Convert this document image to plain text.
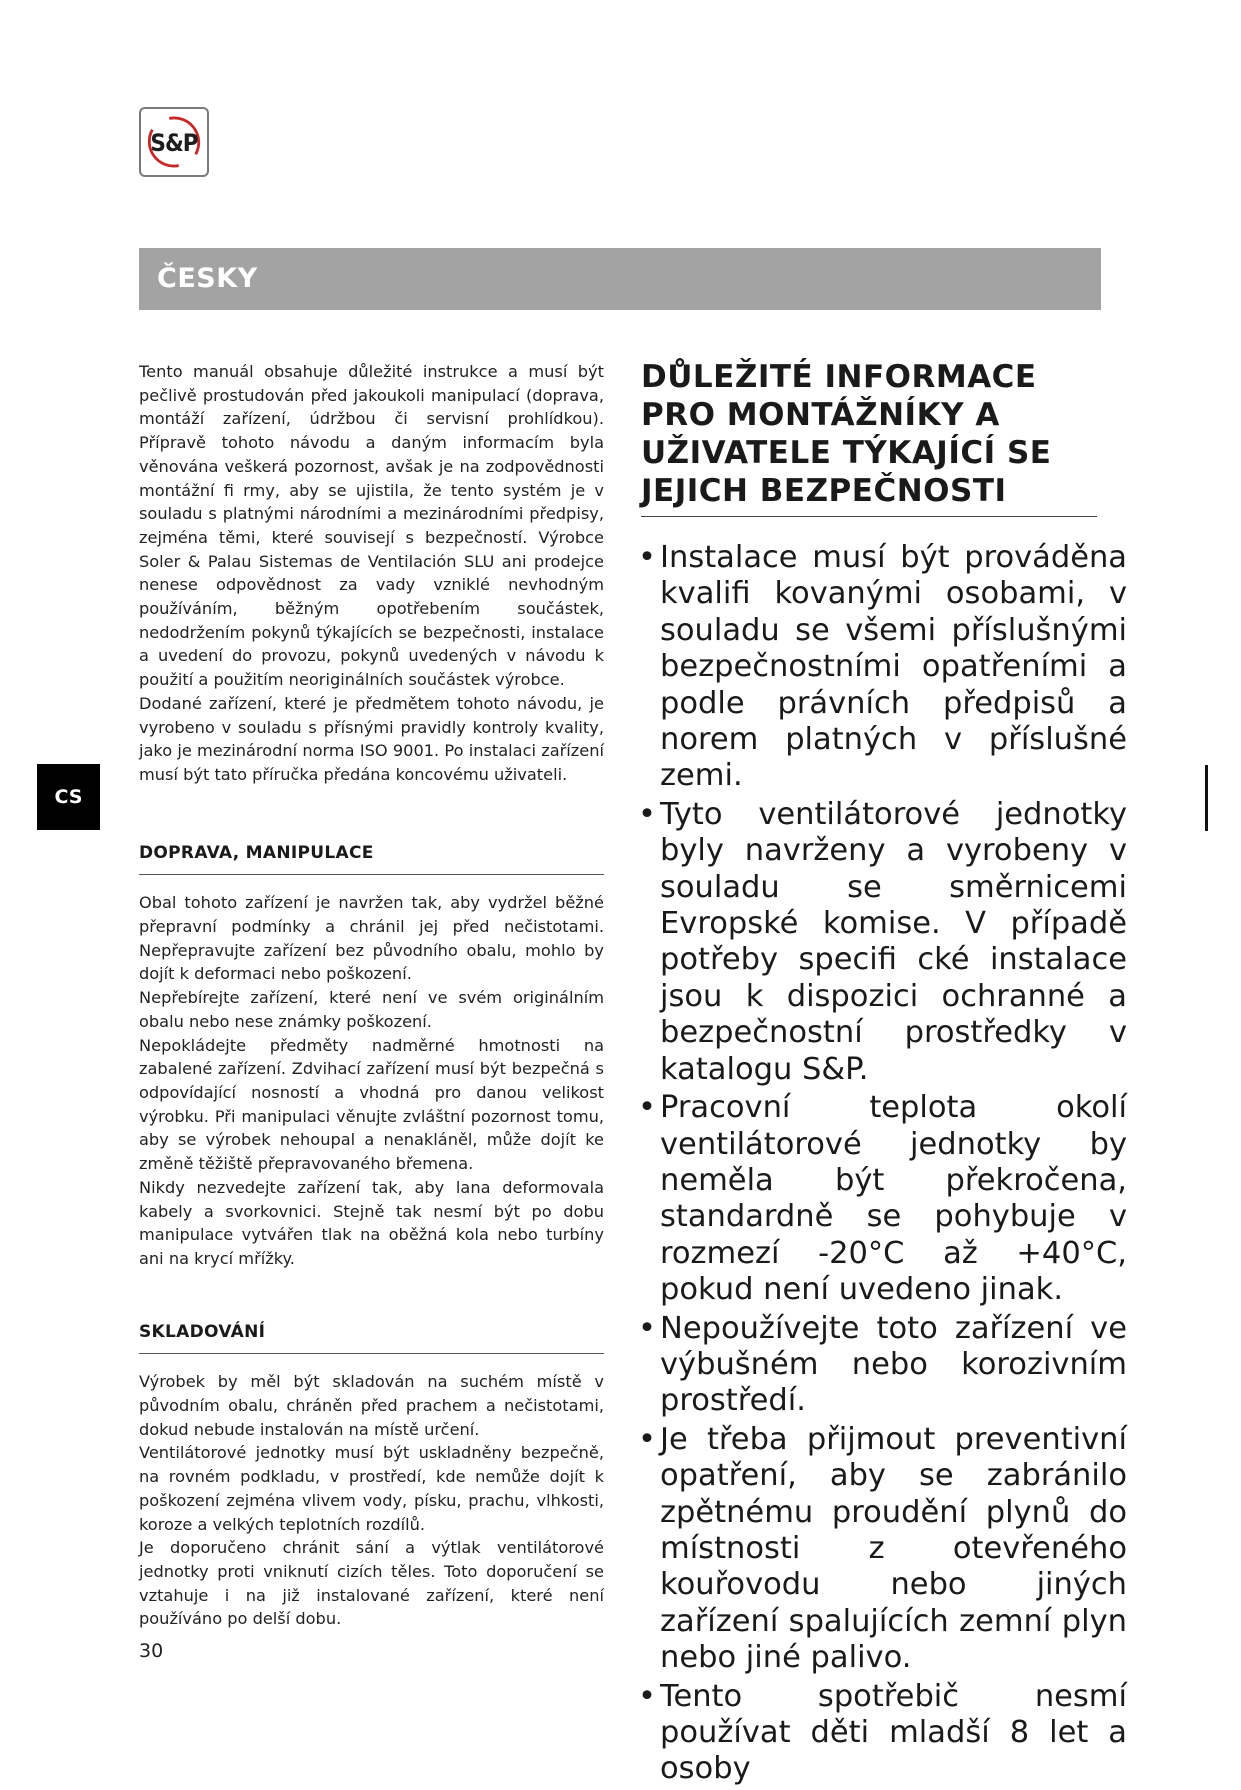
S&P
ČESKY
CS

Tento manuál obsahuje důležité instrukce a musí být pečlivě prostudován před jakoukoli manipulací (doprava, montáží zařízení, údržbou či servisní prohlídkou). Přípravě tohoto návodu a daným informacím byla věnována veškerá pozornost, avšak je na zodpovědnosti montážní fi rmy, aby se ujistila, že tento systém je v souladu s platnými národními a mezinárodními předpisy, zejména těmi, které souvisejí s bezpečností. Výrobce Soler & Palau Sistemas de Ventilación SLU ani prodejce nenese odpovědnost za vady vzniklé nevhodným používáním, běžným opotřebením součástek, nedodržením pokynů týkajících se bezpečnosti, instalace a uvedení do provozu, pokynů uvedených v návodu k použití a použitím neoriginálních součástek výrobce.

Dodané zařízení, které je předmětem tohoto návodu, je vyrobeno v souladu s přísnými pravidly kontroly kvality, jako je mezinárodní norma ISO 9001. Po instalaci zařízení musí být tato příručka předána koncovému uživateli.

DOPRAVA, MANIPULACE

Obal tohoto zařízení je navržen tak, aby vydržel běžné přepravní podmínky a chránil jej před nečistotami. Nepřepravujte zařízení bez původního obalu, mohlo by dojít k deformaci nebo poškození.

Nepřebírejte zařízení, které není ve svém originálním obalu nebo nese známky poškození.

Nepokládejte předměty nadměrné hmotnosti na zabalené zařízení. Zdvihací zařízení musí být bezpečná s odpovídající nosností a vhodná pro danou velikost výrobku. Při manipulaci věnujte zvláštní pozornost tomu, aby se výrobek nehoupal a nenakláněl, může dojít ke změně těžiště přepravovaného břemena.

Nikdy nezvedejte zařízení tak, aby lana deformovala kabely a svorkovnici. Stejně tak nesmí být po dobu manipulace vytvářen tlak na oběžná kola nebo turbíny ani na krycí mřížky.

SKLADOVÁNÍ

Výrobek by měl být skladován na suchém místě v původním obalu, chráněn před prachem a nečistotami, dokud nebude instalován na místě určení.

Ventilátorové jednotky musí být uskladněny bezpečně, na rovném podkladu, v prostředí, kde nemůže dojít k poškození zejména vlivem vody, písku, prachu, vlhkosti, koroze a velkých teplotních rozdílů.

Je doporučeno chránit sání a výtlak ventilátorové jednotky proti vniknutí cizích těles. Toto doporučení se vztahuje i na již instalované zařízení, které není používáno po delší dobu.

DŮLEŽITÉ INFORMACE PRO MONTÁŽNÍKY A UŽIVATELE TÝKAJÍCÍ SE JEJICH BEZPEČNOSTI
• Instalace musí být prováděna kvalifi kovanými osobami, v souladu se všemi příslušnými bezpečnostními opatřeními a podle právních předpisů a norem platných v příslušné zemi.
• Tyto ventilátorové jednotky byly navrženy a vyrobeny v souladu se směrnicemi Evropské komise. V případě potřeby specifi cké instalace jsou k dispozici ochranné a bezpečnostní prostředky v katalogu S&P.
• Pracovní teplota okolí ventilátorové jednotky by neměla být překročena, standardně se pohybuje v rozmezí -20°C až +40°C, pokud není uvedeno jinak.
• Nepoužívejte toto zařízení ve výbušném nebo korozivním prostředí.
• Je třeba přijmout preventivní opatření, aby se zabránilo zpětnému proudění plynů do místnosti z otevřeného kouřovodu nebo jiných zařízení spalujících zemní plyn nebo jiné palivo.
• Tento spotřebič nesmí používat děti mladší 8 let a osoby
30
